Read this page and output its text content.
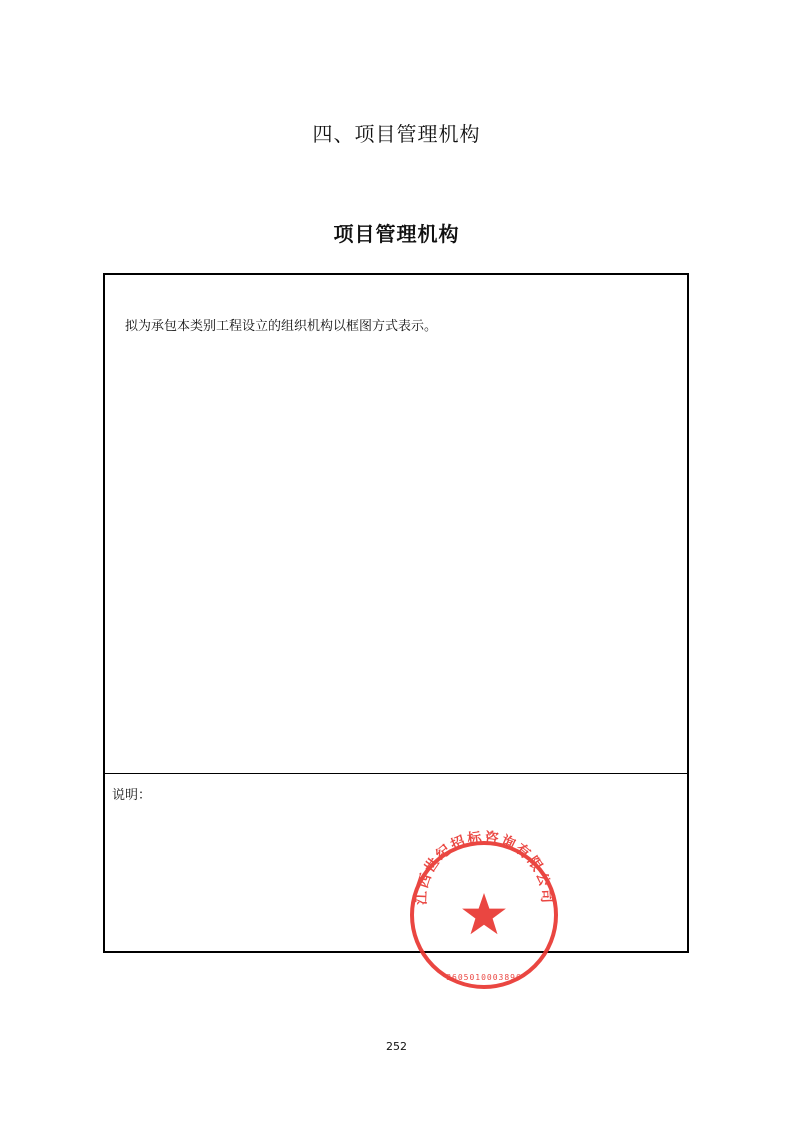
四、项目管理机构
项目管理机构
拟为承包本类别工程设立的组织机构以框图方式表示。
说明：
江西世纪招标咨询有限公司
3605010003896
252
